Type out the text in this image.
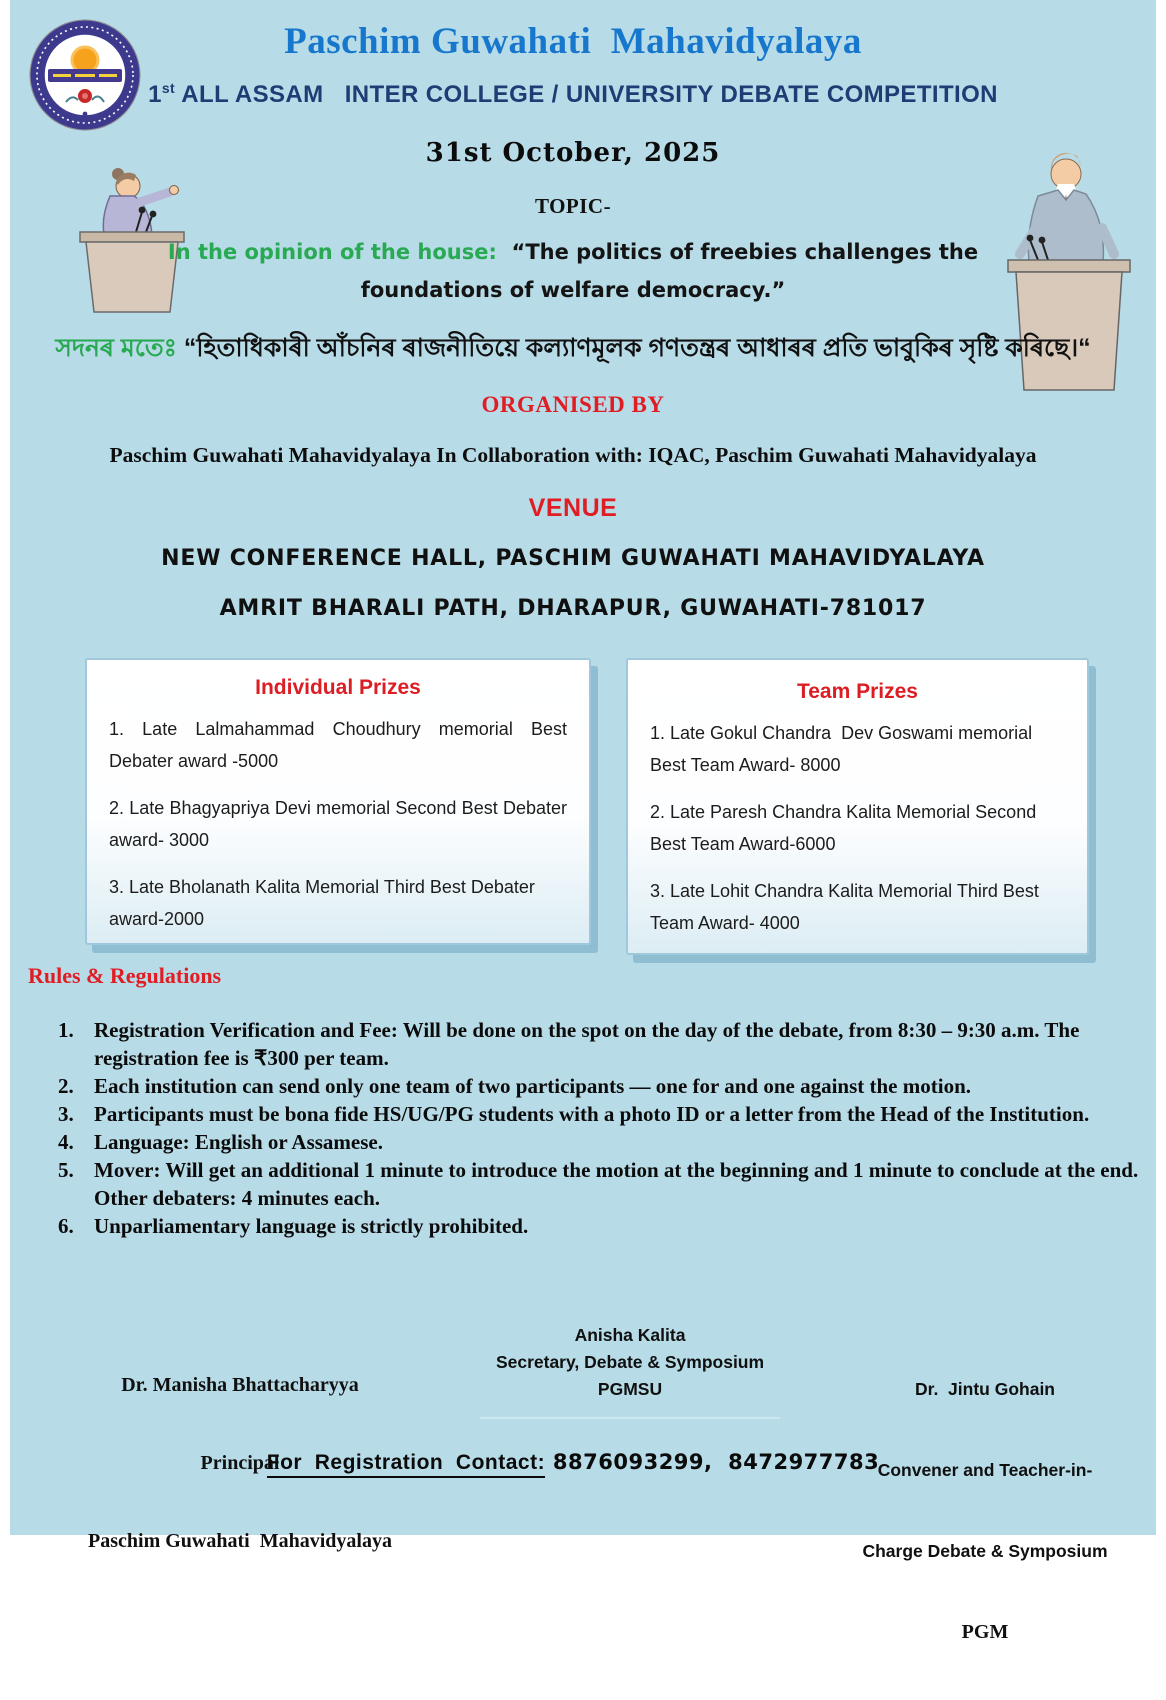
Paschim Guwahati  Mahavidyalaya
1st ALL ASSAM   INTER COLLEGE / UNIVERSITY DEBATE COMPETITION
31st October, 2025
TOPIC-
In the opinion of the house:  “The politics of freebies challenges the
foundations of welfare democracy.”
সদনৰ মতেঃ “হিতাধিকাৰী আঁচনিৰ ৰাজনীতিয়ে কল্যাণমূলক গণতন্ত্ৰৰ আধাৰৰ প্ৰতি ভাবুকিৰ সৃষ্টি কৰিছে।“
ORGANISED BY
Paschim Guwahati Mahavidyalaya In Collaboration with: IQAC, Paschim Guwahati Mahavidyalaya
VENUE
NEW CONFERENCE HALL, PASCHIM GUWAHATI MAHAVIDYALAYA
AMRIT BHARALI PATH, DHARAPUR, GUWAHATI-781017
Individual Prizes
1. Late Lalmahammad Choudhury memorial Best Debater award -5000
2. Late Bhagyapriya Devi memorial Second Best Debater award- 3000
3. Late Bholanath Kalita Memorial Third Best Debater award-2000
Team Prizes
1. Late Gokul Chandra  Dev Goswami memorial Best Team Award- 8000
2. Late Paresh Chandra Kalita Memorial Second Best Team Award-6000
3. Late Lohit Chandra Kalita Memorial Third Best Team Award- 4000
Rules & Regulations
1. Registration Verification and Fee: Will be done on the spot on the day of the debate, from 8:30 – 9:30 a.m. The registration fee is ₹300 per team.
2. Each institution can send only one team of two participants — one for and one against the motion.
3. Participants must be bona fide HS/UG/PG students with a photo ID or a letter from the Head of the Institution.
4. Language: English or Assamese.
5. Mover: Will get an additional 1 minute to introduce the motion at the beginning and 1 minute to conclude at the end. Other debaters: 4 minutes each.
6. Unparliamentary language is strictly prohibited.

Dr. Manisha Bhattacharyya

Principal

Paschim Guwahati  Mahavidyalaya

Anisha Kalita
Secretary, Debate & Symposium
PGMSU

	Dr.  Jintu Gohain

Convener and Teacher-in-

Charge Debate & Symposium

PGM

For  Registration  Contact: 8876093299,  8472977783
